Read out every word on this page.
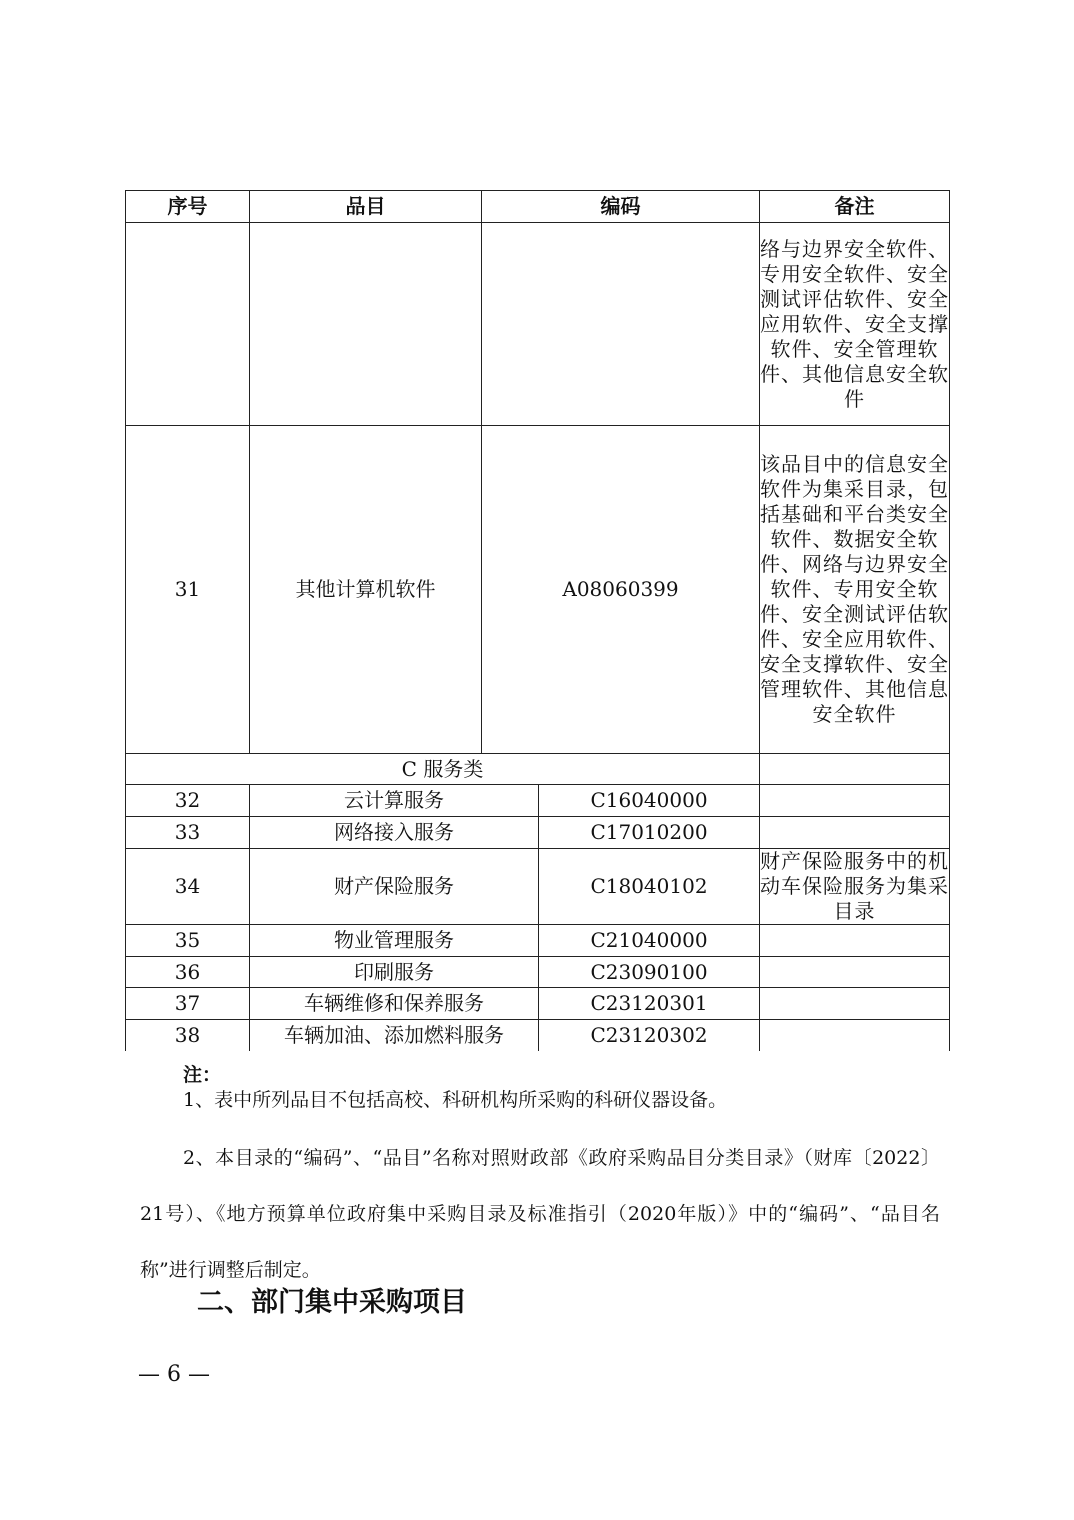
序号	品目	编码		备注
				络与边界安全软件、专用安全软件、安全测试评估软件、安全应用软件、安全支撑软件、安全管理软件、其他信息安全软件
31	其他计算机软件	A08060399		该品目中的信息安全软件为集采目录，包括基础和平台类安全软件、数据安全软件、网络与边界安全软件、专用安全软件、安全测试评估软件、安全应用软件、安全支撑软件、安全管理软件、其他信息安全软件
C 服务类				
32	云计算服务		C16040000	
33	网络接入服务		C17010200	
34	财产保险服务		C18040102	财产保险服务中的机动车保险服务为集采目录
35	物业管理服务		C21040000	
36	印刷服务		C23090100	
37	车辆维修和保养服务		C23120301	
38	车辆加油、添加燃料服务		C23120302	
注：
1、表中所列品目不包括高校、科研机构所采购的科研仪器设备。
2、本目录的“编码”、“品目”名称对照财政部《政府采购品目分类目录》（财库〔2022〕21号）、《地方预算单位政府集中采购目录及标准指引（2020年版）》中的“编码”、“品目名称”进行调整后制定。
二、部门集中采购项目
— 6 —
